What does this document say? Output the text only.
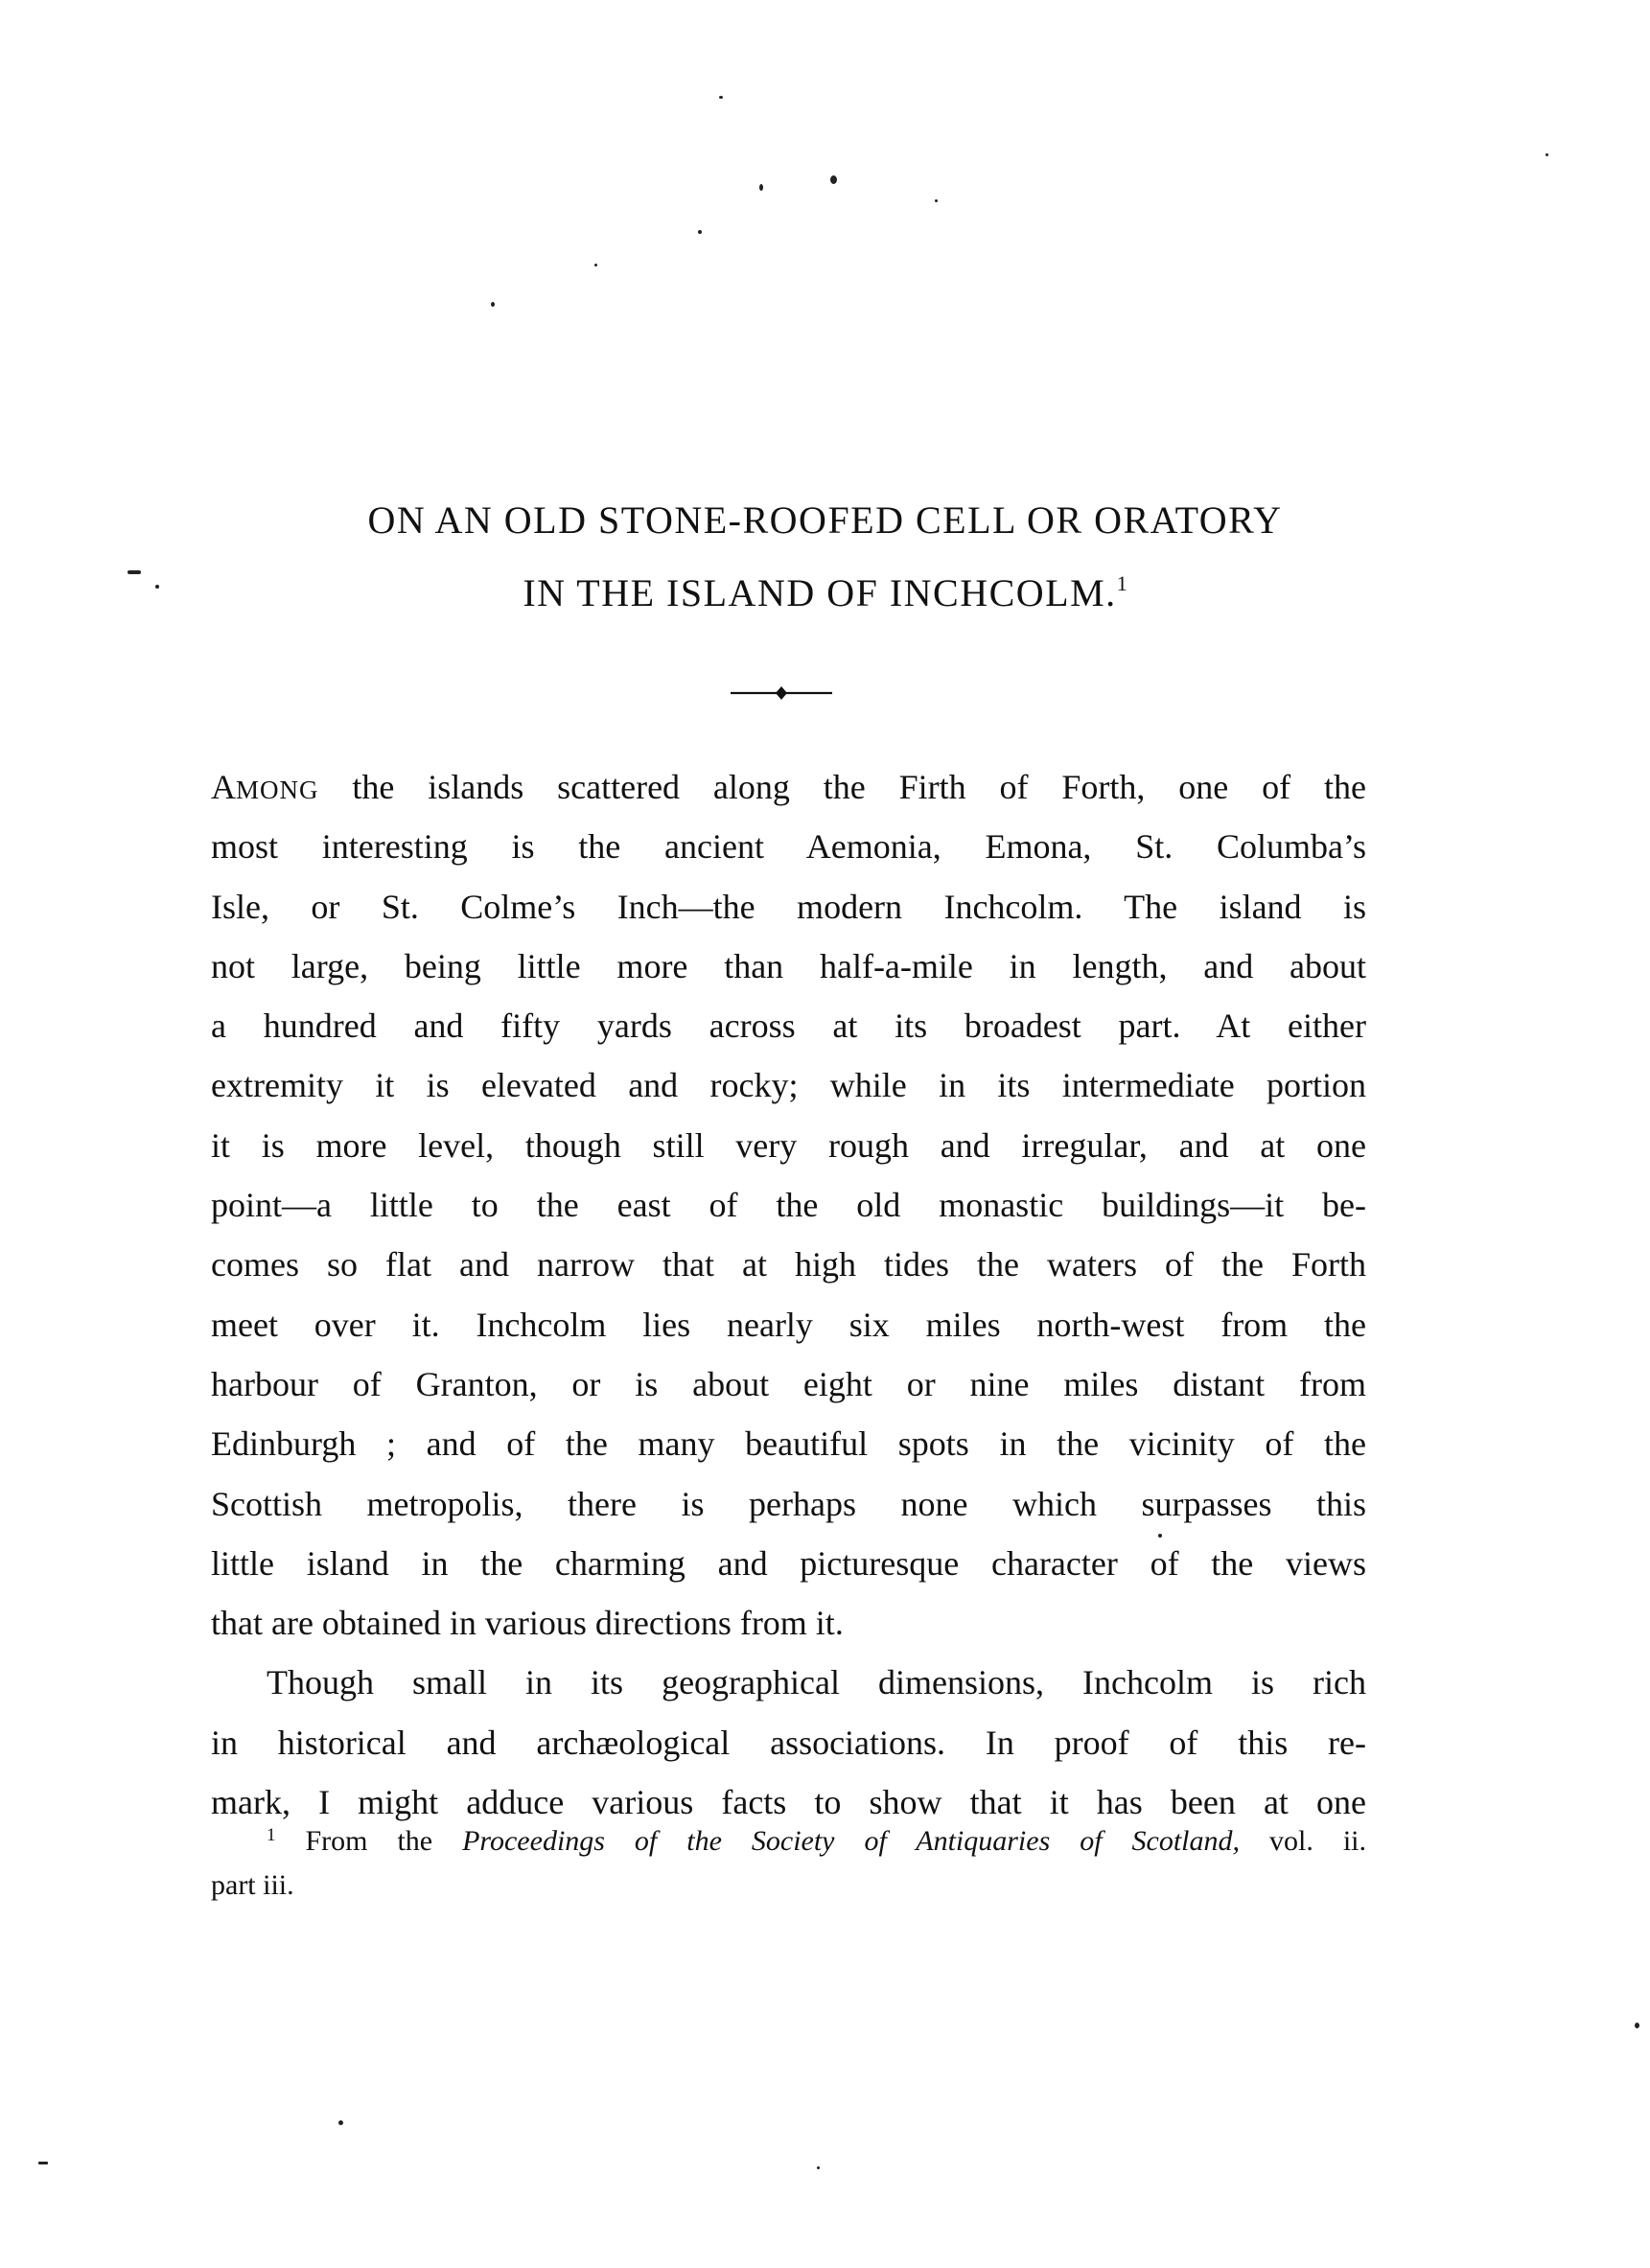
ON AN OLD STONE-ROOFED CELL OR ORATORY
IN THE ISLAND OF INCHCOLM.$^1$
AMONG the islands scattered along the Firth of Forth, one of the
most interesting is the ancient Aemonia, Emona, St. Columba’s
Isle, or St. Colme’s Inch—the modern Inchcolm. The island is
not large, being little more than half-a-mile in length, and about
a hundred and fifty yards across at its broadest part. At either
extremity it is elevated and rocky; while in its intermediate portion
it is more level, though still very rough and irregular, and at one
point—a little to the east of the old monastic buildings—it be-
comes so flat and narrow that at high tides the waters of the Forth
meet over it. Inchcolm lies nearly six miles north-west from the
harbour of Granton, or is about eight or nine miles distant from
Edinburgh ; and of the many beautiful spots in the vicinity of the
Scottish metropolis, there is perhaps none which surpasses this
little island in the charming and picturesque character of the views
that are obtained in various directions from it.
Though small in its geographical dimensions, Inchcolm is rich
in historical and archæological associations. In proof of this re-
mark, I might adduce various facts to show that it has been at one
$^1$ From the Proceedings of the Society of Antiquaries of Scotland, vol. ii.
part iii.
